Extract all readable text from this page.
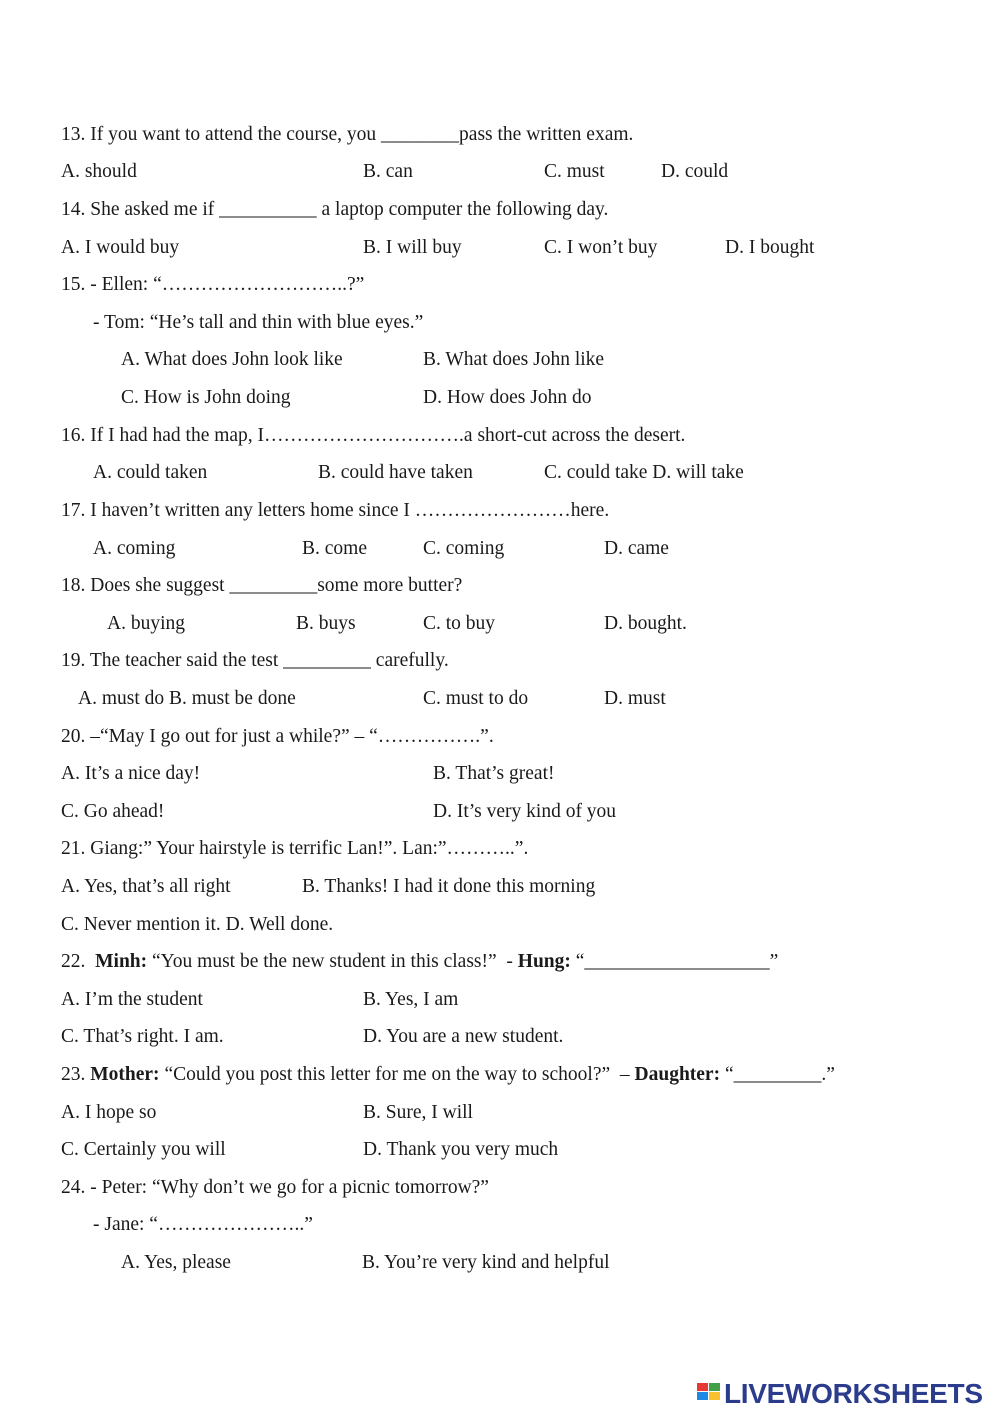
13. If you want to attend the course, you ________pass the written exam.
A. should	B. can	C. must	D. could
14. She asked me if __________ a laptop computer the following day.
A. I would buy	B. I will buy	C. I won’t buy	D. I bought
15. - Ellen: “………………………..?”
- Tom: “He’s tall and thin with blue eyes.”
A. What does John look like	B. What does John like
C. How is John doing	D. How does John do
16. If I had had the map, I………………………….a short-cut across the desert.
A. could taken	B. could have taken	C. could take D. will take
17. I haven’t written any letters home since I ……………………here.
A. coming	B. come	C. coming	D. came
18. Does she suggest _________some more butter?
A. buying	B. buys	C. to buy	D. bought.
19. The teacher said the test _________ carefully.
A. must do B. must be done	C. must to do	D. must
20. –“May I go out for just a while?” – “…………….”.
A. It’s a nice day!	B. That’s great!
C. Go ahead!	D. It’s very kind of you
21. Giang:” Your hairstyle is terrific Lan!”. Lan:”………..”.
A. Yes, that’s all right	B. Thanks! I had it done this morning
C. Never mention it. D. Well done.
22. Minh: “You must be the new student in this class!”  - Hung: “___________________”
A. I’m the student	B. Yes, I am
C. That’s right. I am.	D. You are a new student.
23. Mother: “Could you post this letter for me on the way to school?”  – Daughter: “_________.”
A. I hope so	B. Sure, I will
C. Certainly you will	D. Thank you very much
24. - Peter: “Why don’t we go for a picnic tomorrow?”
- Jane: “…………………..”
A. Yes, please	B. You’re very kind and helpful
LIVEWORKSHEETS
